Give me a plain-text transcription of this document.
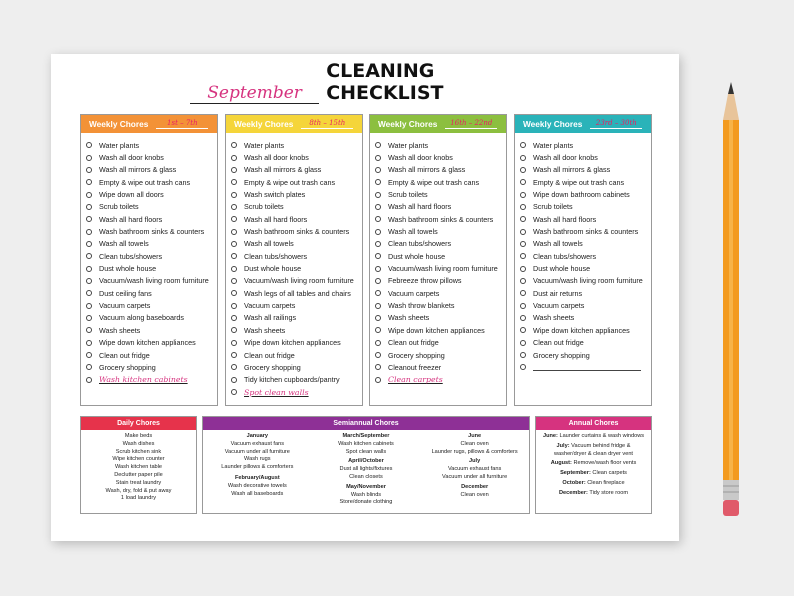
September
CLEANING CHECKLIST
Weekly Chores	1st – 7th
Water plants
Wash all door knobs
Wash all mirrors & glass
Empty & wipe out trash cans
Wipe down all doors
Scrub toilets
Wash all hard floors
Wash bathroom sinks & counters
Wash all towels
Clean tubs/showers
Dust whole house
Vacuum/wash living room furniture
Dust ceiling fans
Vacuum carpets
Vacuum along baseboards
Wash sheets
Wipe down kitchen appliances
Clean out fridge
Grocery shopping
Wash kitchen cabinets
Weekly Chores	8th – 15th
Water plants
Wash all door knobs
Wash all mirrors & glass
Empty & wipe out trash cans
Wash switch plates
Scrub toilets
Wash all hard floors
Wash bathroom sinks & counters
Wash all towels
Clean tubs/showers
Dust whole house
Vacuum/wash living room furniture
Wash legs of all tables and chairs
Vacuum carpets
Wash all railings
Wash sheets
Wipe down kitchen appliances
Clean out fridge
Grocery shopping
Tidy kitchen cupboards/pantry
Spot clean walls
Weekly Chores	16th – 22nd
Water plants
Wash all door knobs
Wash all mirrors & glass
Empty & wipe out trash cans
Scrub toilets
Wash all hard floors
Wash bathroom sinks & counters
Wash all towels
Clean tubs/showers
Dust whole house
Vacuum/wash living room furniture
Febreeze throw pillows
Vacuum carpets
Wash throw blankets
Wash sheets
Wipe down kitchen appliances
Clean out fridge
Grocery shopping
Cleanout freezer
Clean carpets
Weekly Chores	23rd – 30th
Water plants
Wash all door knobs
Wash all mirrors & glass
Empty & wipe out trash cans
Wipe down bathroom cabinets
Scrub toilets
Wash all hard floors
Wash bathroom sinks & counters
Wash all towels
Clean tubs/showers
Dust whole house
Vacuum/wash living room furniture
Dust air returns
Vacuum carpets
Wash sheets
Wipe down kitchen appliances
Clean out fridge
Grocery shopping
Daily Chores
Make beds
Wash dishes
Scrub kitchen sink
Wipe kitchen counter
Wash kitchen table
Declutter paper pile
Stain treat laundry
Wash, dry, fold & put away
1 load laundry
Semiannual Chores
January
Vacuum exhaust fans
Vacuum under all furniture
Wash rugs
Launder pillows & comforters
February/August
Wash decorative towels
Wash all baseboards
March/September
Wash kitchen cabinets
Spot clean walls
April/October
Dust all lights/fixtures
Clean closets
May/November
Wash blinds
Store/donate clothing
June
Clean oven
Launder rugs, pillows & comforters
July
Vacuum exhaust fans
Vacuum under all furniture
December
Clean oven
Annual Chores

June: Launder curtains & wash windows

July: Vacuum behind fridge & washer/dryer & clean dryer vent

August: Remove/wash floor vents

September: Clean carpets

October: Clean fireplace

December: Tidy store room
